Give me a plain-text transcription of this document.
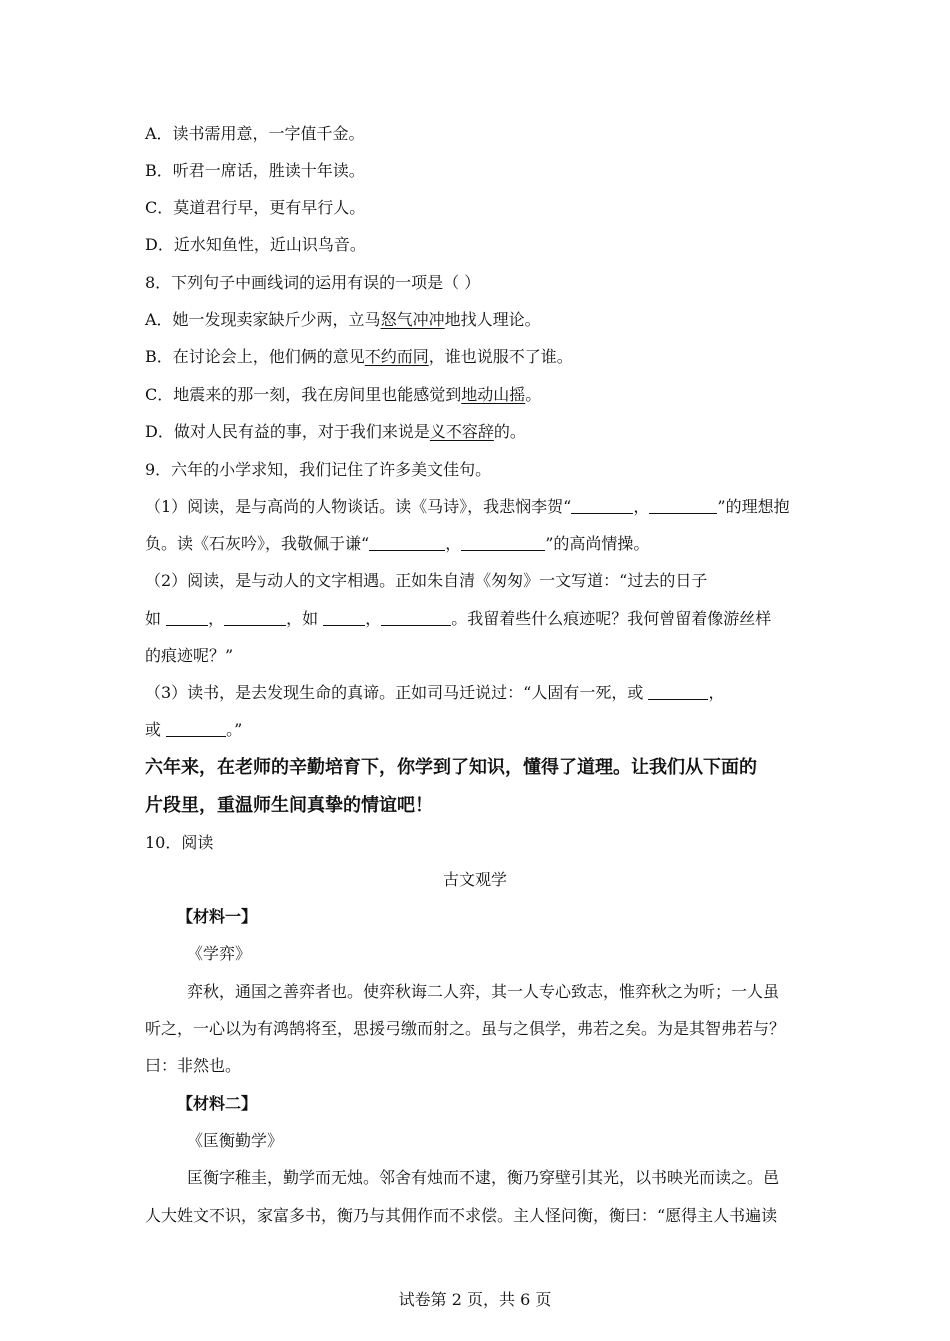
A．读书需用意，一字值千金。
B．听君一席话，胜读十年读。
C．莫道君行早，更有早行人。
D．近水知鱼性，近山识鸟音。
8．下列句子中画线词的运用有误的一项是（ ）
A．她一发现卖家缺斤少两，立马怒气冲冲地找人理论。
B．在讨论会上，他们俩的意见不约而同，谁也说服不了谁。
C．地震来的那一刻，我在房间里也能感觉到地动山摇。
D．做对人民有益的事，对于我们来说是义不容辞的。
9．六年的小学求知，我们记住了许多美文佳句。
（1）阅读，是与高尚的人物谈话。读《马诗》，我悲悯李贺“	，	”的理想抱
负。读《石灰吟》，我敬佩于谦“	，	”的高尚情操。
（2）阅读，是与动人的文字相遇。正如朱自清《匆匆》一文写道：“过去的日子
如	，	，如	，	。我留着些什么痕迹呢？我何曾留着像游丝样
的痕迹呢？”
（3）读书，是去发现生命的真谛。正如司马迁说过：“人固有一死，或	，
或	。”
六年来，在老师的辛勤培育下，你学到了知识，懂得了道理。让我们从下面的
片段里，重温师生间真挚的情谊吧！
10．阅读
古文观学
【材料一】
《学弈》
弈秋，通国之善弈者也。使弈秋诲二人弈，其一人专心致志，惟弈秋之为听；一人虽
听之，一心以为有鸿鹄将至，思援弓缴而射之。虽与之俱学，弗若之矣。为是其智弗若与？
曰：非然也。
【材料二】
《匡衡勤学》
匡衡字稚圭，勤学而无烛。邻舍有烛而不逮，衡乃穿壁引其光，以书映光而读之。邑
人大姓文不识，家富多书，衡乃与其佣作而不求偿。主人怪问衡，衡曰：“愿得主人书遍读
试卷第 2 页，共 6 页
